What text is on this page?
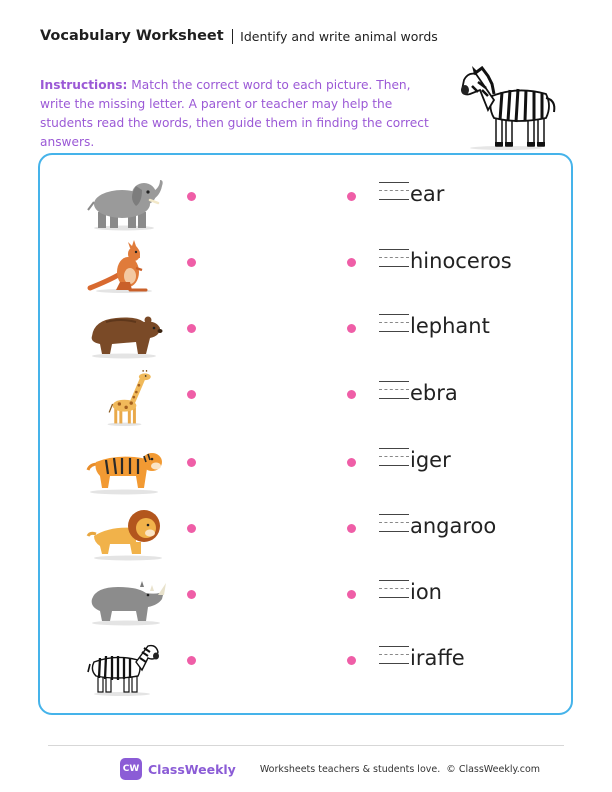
Vocabulary Worksheet Identify and write animal words
Instructions: Match the correct word to each picture. Then, write the missing letter. A parent or teacher may help the students read the words, then guide them in finding the correct answers.
ear
hinoceros
lephant
ebra
iger
angaroo
ion
iraffe
CW ClassWeekly	Worksheets teachers & students love. © ClassWeekly.com
